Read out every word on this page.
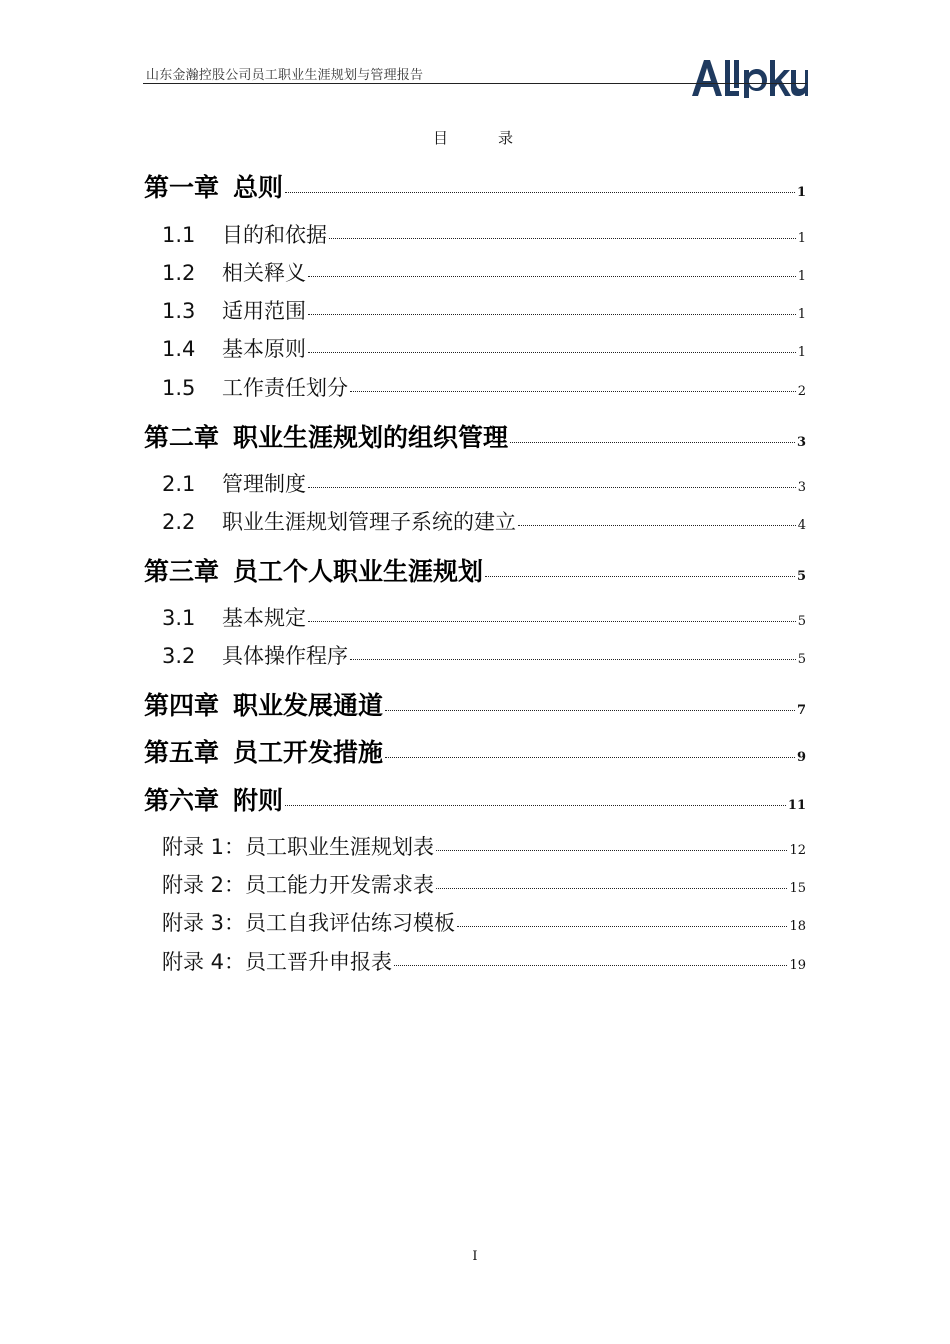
山东金瀚控股公司员工职业生涯规划与管理报告
目	录
第一章 总则	1
1.1 目的和依据	1
1.2 相关释义	1
1.3 适用范围	1
1.4 基本原则	1
1.5 工作责任划分	2
第二章 职业生涯规划的组织管理	3
2.1 管理制度	3
2.2 职业生涯规划管理子系统的建立	4
第三章 员工个人职业生涯规划	5
3.1 基本规定	5
3.2 具体操作程序	5
第四章 职业发展通道	7
第五章 员工开发措施	9
第六章 附则	11
附录 1：员工职业生涯规划表	12
附录 2：员工能力开发需求表	15
附录 3：员工自我评估练习模板	18
附录 4：员工晋升申报表	19
I
